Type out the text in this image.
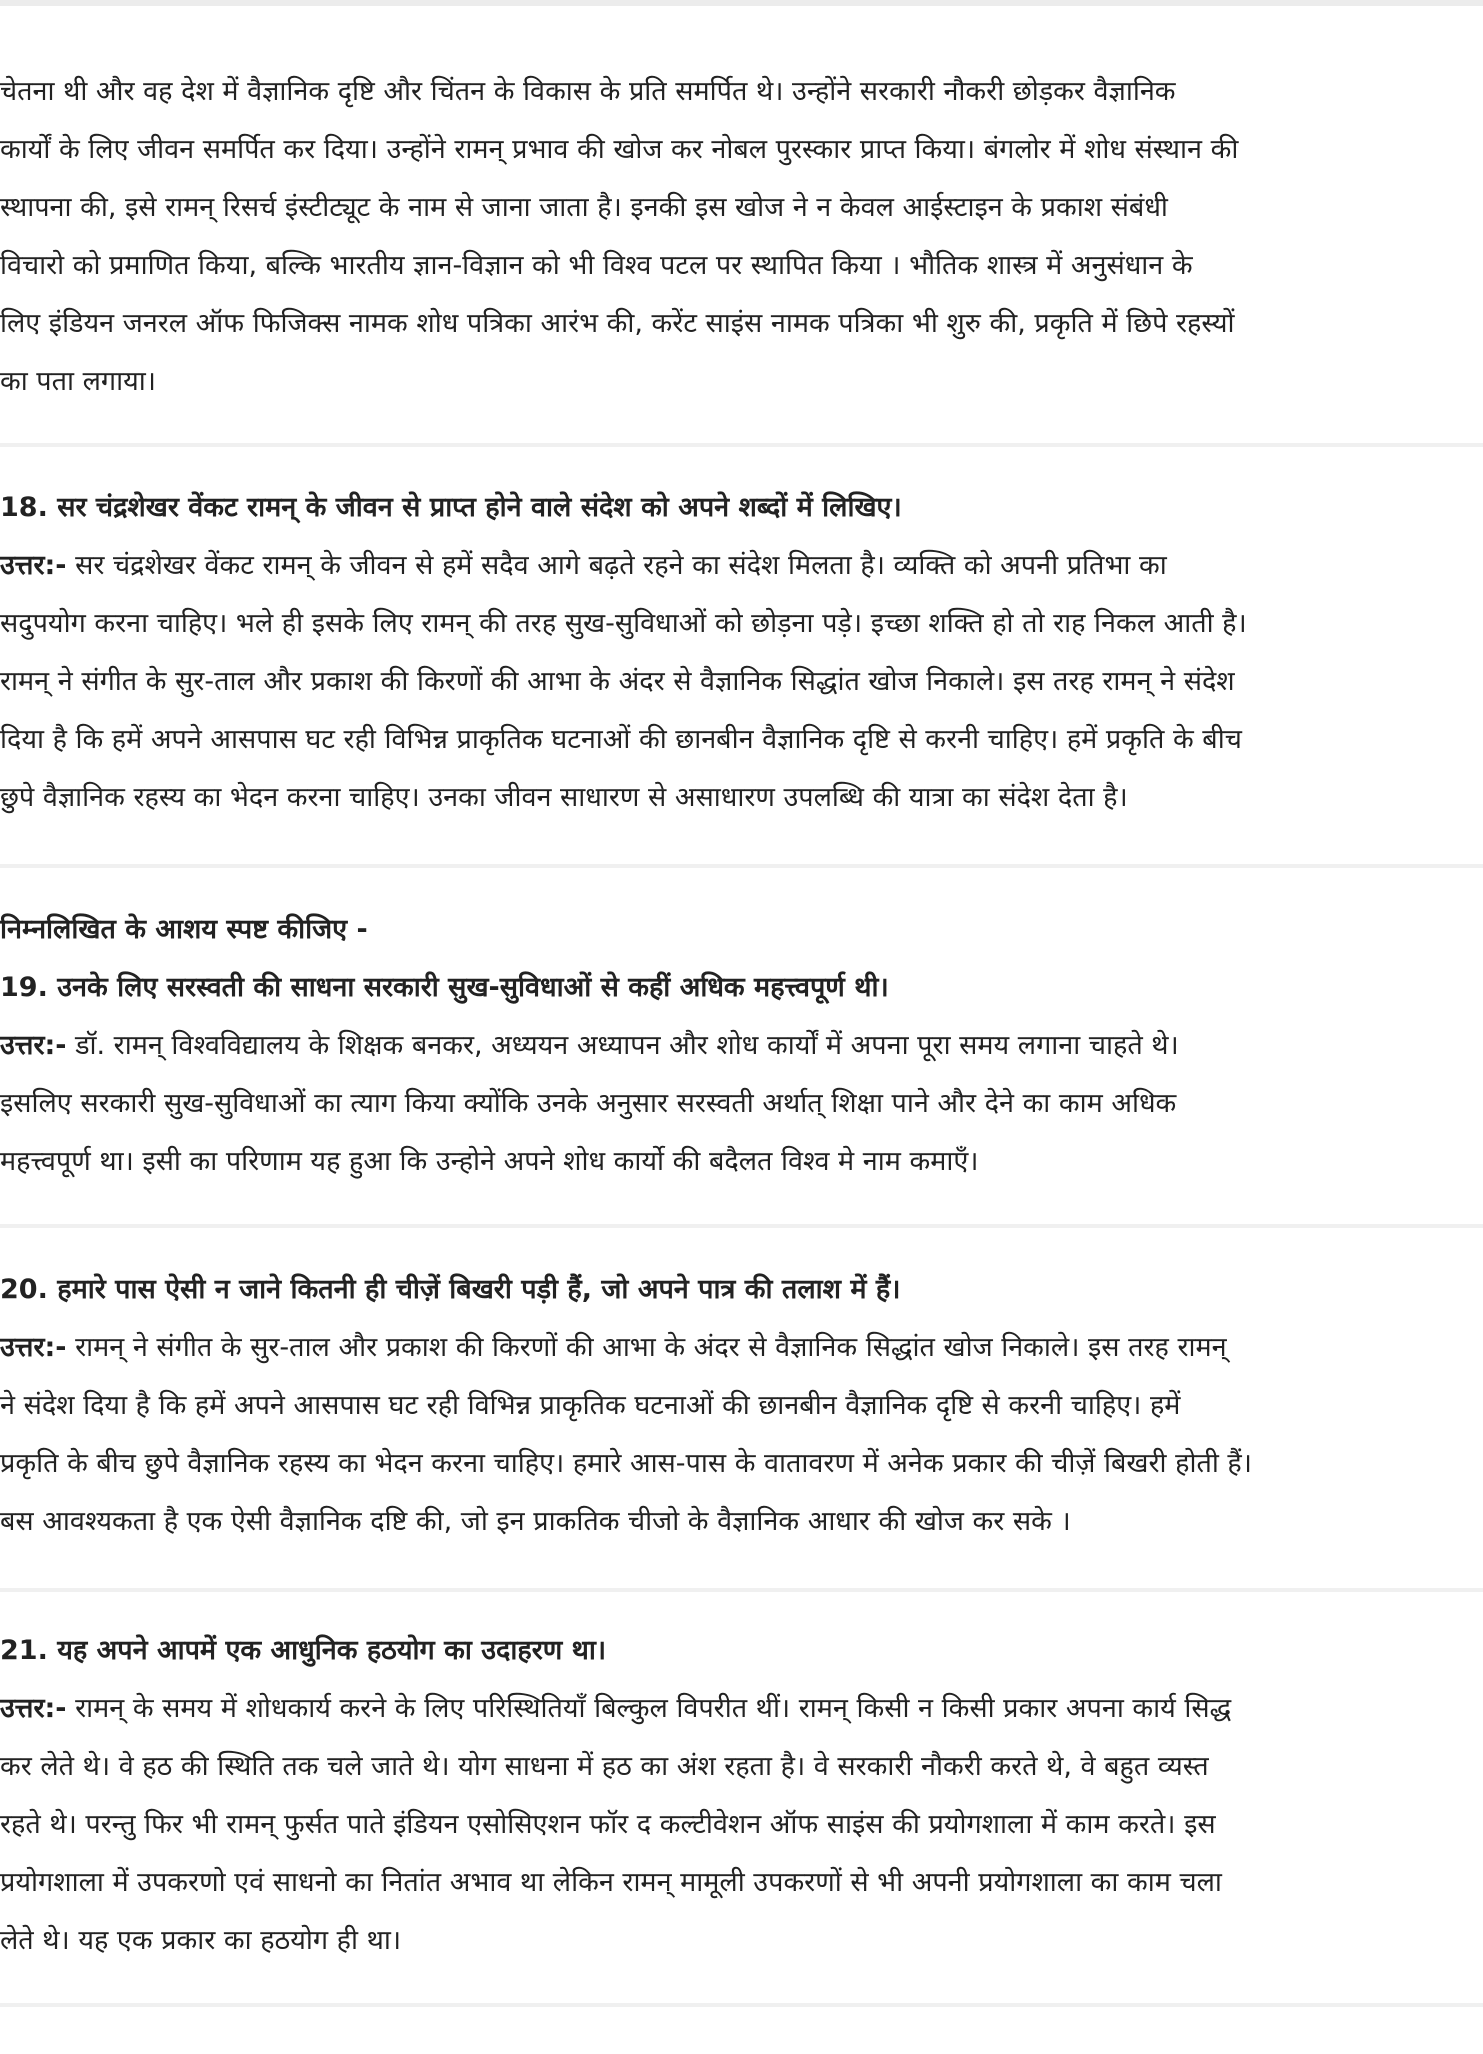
चेतना थी और वह देश में वैज्ञानिक दृष्टि और चिंतन के विकास के प्रति समर्पित थे। उन्होंने सरकारी नौकरी छोड़कर वैज्ञानिक
कार्यों के लिए जीवन समर्पित कर दिया। उन्होंने रामन् प्रभाव की खोज कर नोबल पुरस्कार प्राप्त किया। बंगलोर में शोध संस्थान की
स्थापना की, इसे रामन् रिसर्च इंस्टीट्यूट के नाम से जाना जाता है। इनकी इस खोज ने न केवल आईस्टाइन के प्रकाश संबंधी
विचारो को प्रमाणित किया, बल्कि भारतीय ज्ञान-विज्ञान को भी विश्व पटल पर स्थापित किया । भौतिक शास्त्र में अनुसंधान के
लिए इंडियन जनरल ऑफ फिजिक्स नामक शोध पत्रिका आरंभ की, करेंट साइंस नामक पत्रिका भी शुरु की, प्रकृति में छिपे रहस्यों
का पता लगाया।
18. सर चंद्रशेखर वेंकट रामन् के जीवन से प्राप्त होने वाले संदेश को अपने शब्दों में लिखिए।
उत्तर:- सर चंद्रशेखर वेंकट रामन् के जीवन से हमें सदैव आगे बढ़ते रहने का संदेश मिलता है। व्यक्ति को अपनी प्रतिभा का
सदुपयोग करना चाहिए। भले ही इसके लिए रामन् की तरह सुख-सुविधाओं को छोड़ना पड़े। इच्छा शक्ति हो तो राह निकल आती है।
रामन् ने संगीत के सुर-ताल और प्रकाश की किरणों की आभा के अंदर से वैज्ञानिक सिद्धांत खोज निकाले। इस तरह रामन् ने संदेश
दिया है कि हमें अपने आसपास घट रही विभिन्न प्राकृतिक घटनाओं की छानबीन वैज्ञानिक दृष्टि से करनी चाहिए। हमें प्रकृति के बीच
छुपे वैज्ञानिक रहस्य का भेदन करना चाहिए। उनका जीवन साधारण से असाधारण उपलब्धि की यात्रा का संदेश देता है।
निम्नलिखित के आशय स्पष्ट कीजिए -
19. उनके लिए सरस्वती की साधना सरकारी सुख-सुविधाओं से कहीं अधिक महत्त्वपूर्ण थी।
उत्तर:- डॉ. रामन् विश्वविद्यालय के शिक्षक बनकर, अध्ययन अध्यापन और शोध कार्यों में अपना पूरा समय लगाना चाहते थे।
इसलिए सरकारी सुख-सुविधाओं का त्याग किया क्योंकि उनके अनुसार सरस्वती अर्थात् शिक्षा पाने और देने का काम अधिक
महत्त्वपूर्ण था। इसी का परिणाम यह हुआ कि उन्होने अपने शोध कार्यो की बदैलत विश्व मे नाम कमाएँ।
20. हमारे पास ऐसी न जाने कितनी ही चीज़ें बिखरी पड़ी हैं, जो अपने पात्र की तलाश में हैं।
उत्तर:- रामन् ने संगीत के सुर-ताल और प्रकाश की किरणों की आभा के अंदर से वैज्ञानिक सिद्धांत खोज निकाले। इस तरह रामन्
ने संदेश दिया है कि हमें अपने आसपास घट रही विभिन्न प्राकृतिक घटनाओं की छानबीन वैज्ञानिक दृष्टि से करनी चाहिए। हमें
प्रकृति के बीच छुपे वैज्ञानिक रहस्य का भेदन करना चाहिए। हमारे आस-पास के वातावरण में अनेक प्रकार की चीज़ें बिखरी होती हैं।
बस आवश्यकता है एक ऐसी वैज्ञानिक दष्टि की, जो इन प्राकतिक चीजो के वैज्ञानिक आधार की खोज कर सके ।
21. यह अपने आपमें एक आधुनिक हठयोग का उदाहरण था।
उत्तर:- रामन् के समय में शोधकार्य करने के लिए परिस्थितियाँ बिल्कुल विपरीत थीं। रामन् किसी न किसी प्रकार अपना कार्य सिद्ध
कर लेते थे। वे हठ की स्थिति तक चले जाते थे। योग साधना में हठ का अंश रहता है। वे सरकारी नौकरी करते थे, वे बहुत व्यस्त
रहते थे। परन्तु फिर भी रामन् फुर्सत पाते इंडियन एसोसिएशन फॉर द कल्टीवेशन ऑफ साइंस की प्रयोगशाला में काम करते। इस
प्रयोगशाला में उपकरणो एवं साधनो का नितांत अभाव था लेकिन रामन् मामूली उपकरणों से भी अपनी प्रयोगशाला का काम चला
लेते थे। यह एक प्रकार का हठयोग ही था।
